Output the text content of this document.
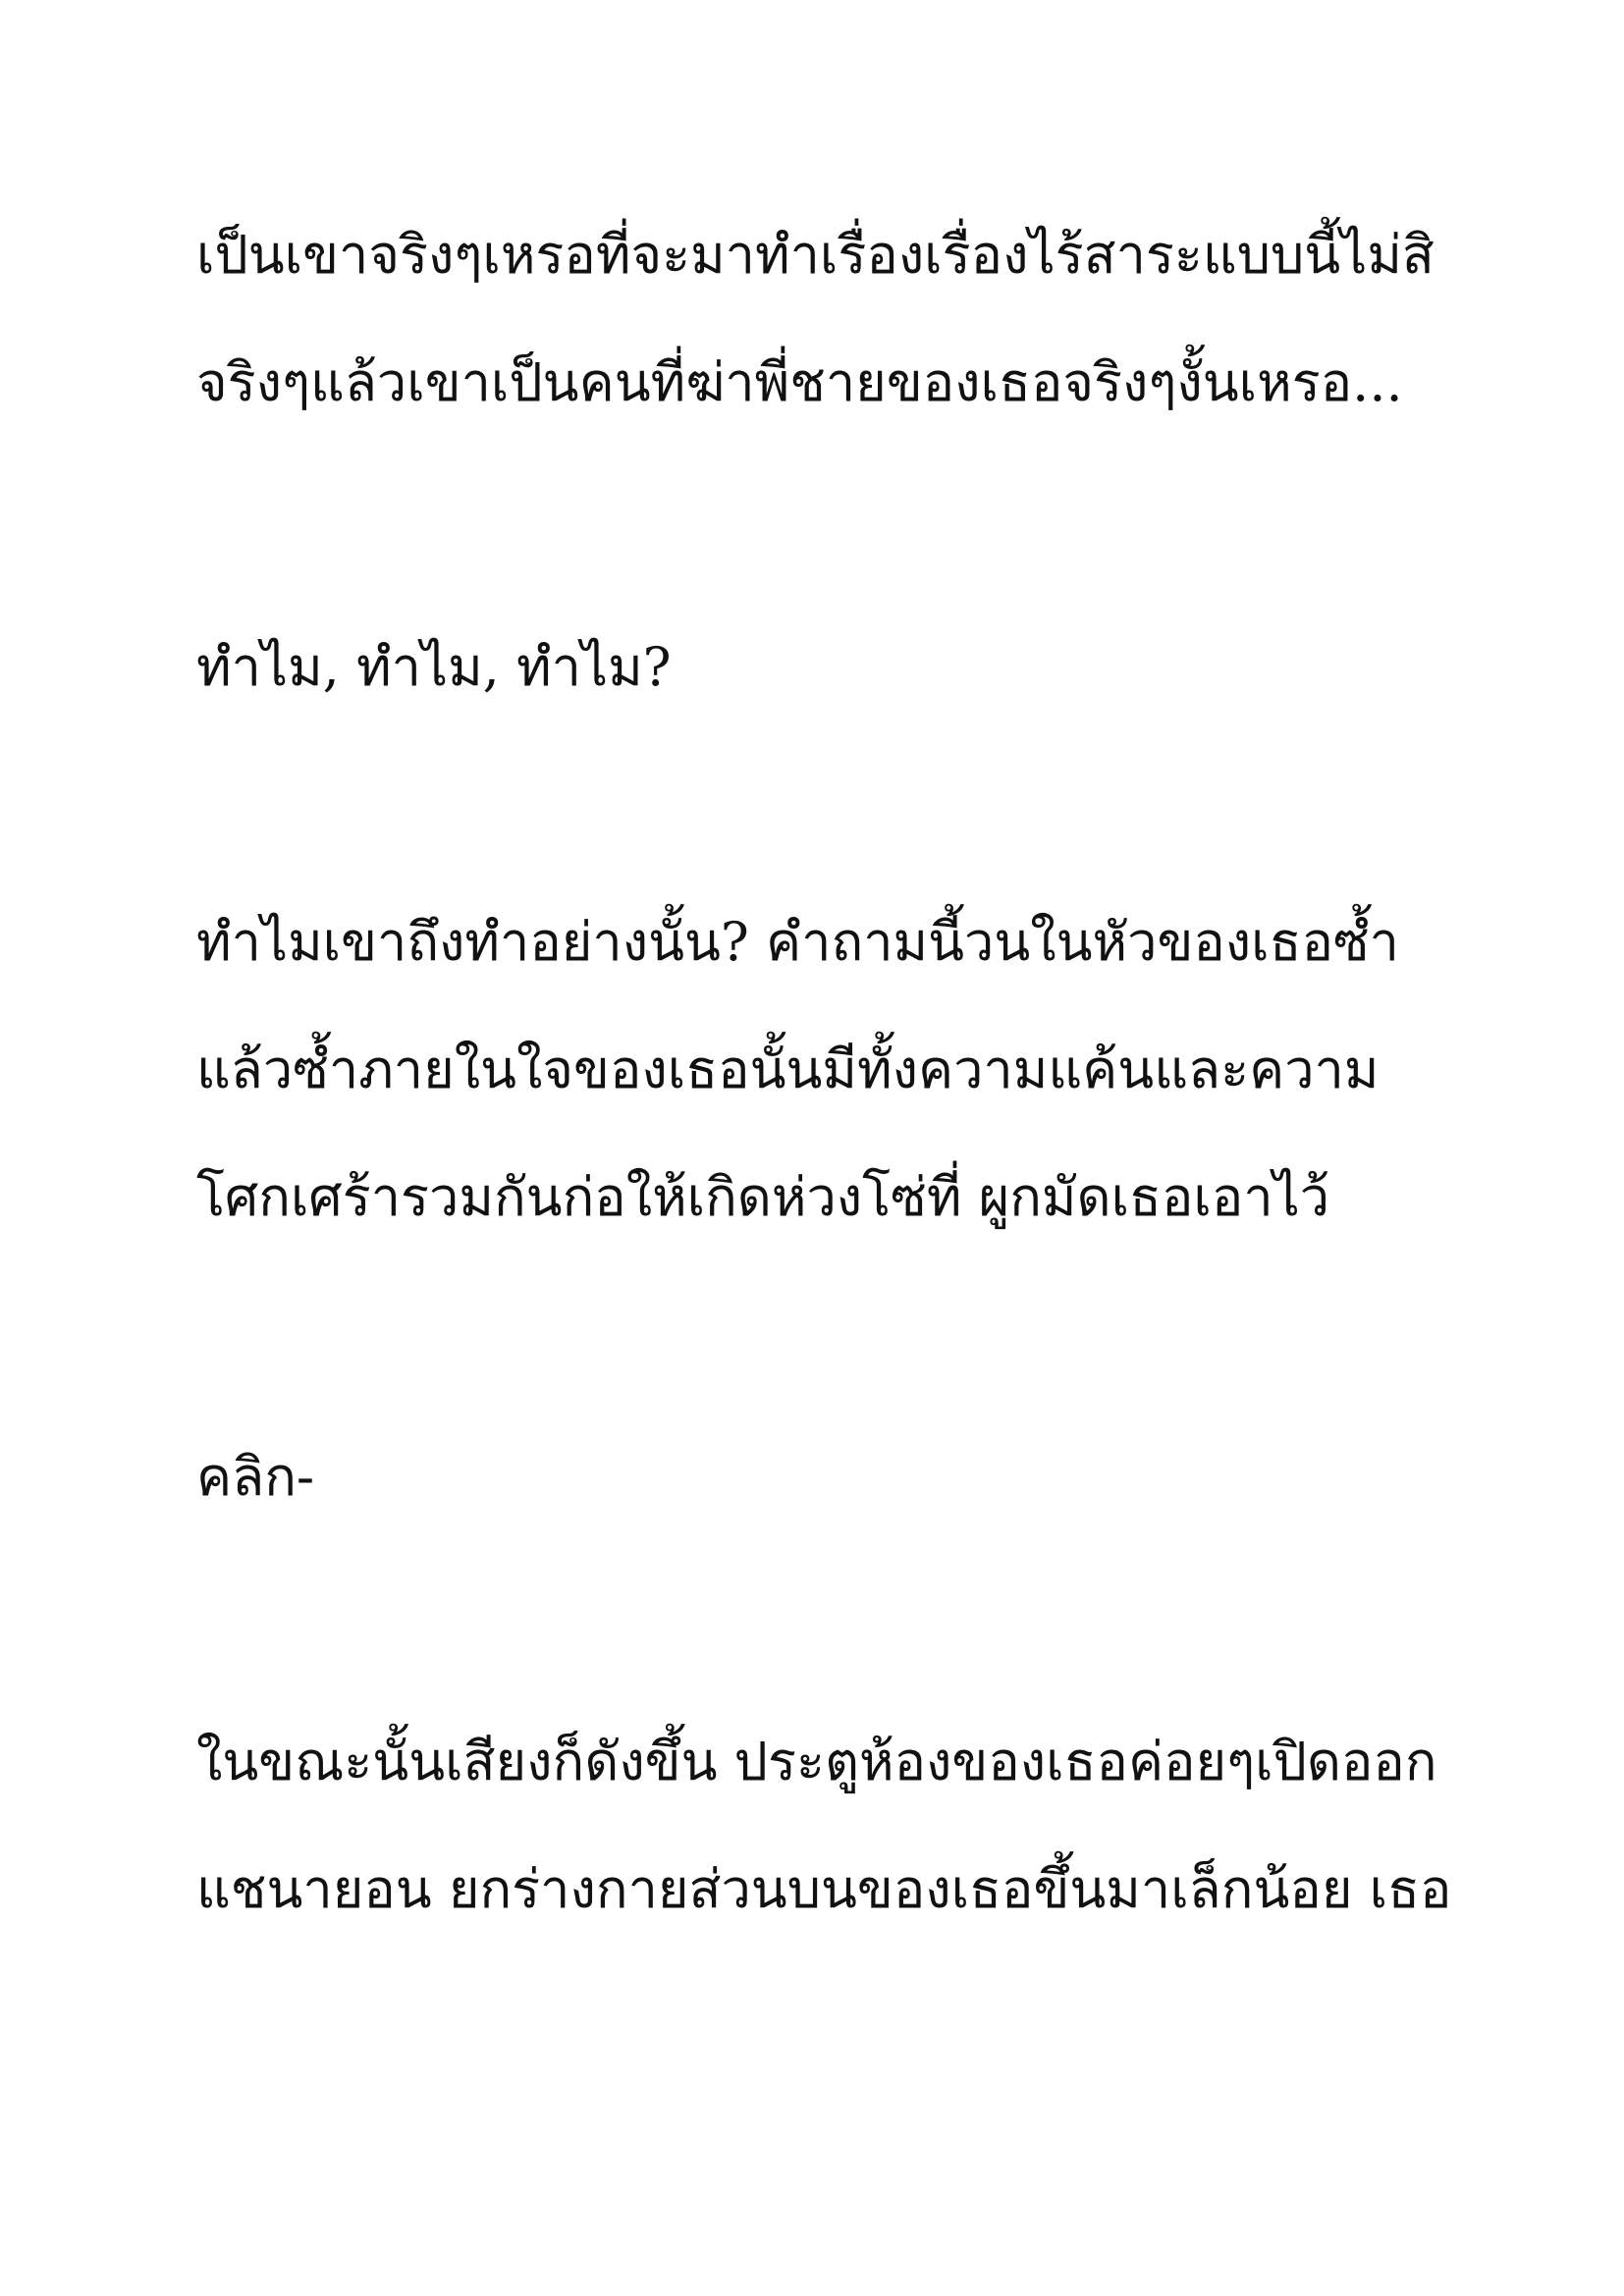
เป็นเขาจริงๆเหรอที่จะมาทำเรื่องเรื่องไร้สาระแบบนี้ไม่สิ
จริงๆแล้วเขาเป็นคนที่ฆ่าพี่ชายของเธอจริงๆงั้นเหรอ...
ทำไม, ทำไม, ทำไม?
ทำไมเขาถึงทำอย่างนั้น? คำถามนี้วนในหัวของเธอซ้ำ
แล้วซ้ำภายในใจของเธอนั้นมีทั้งความแค้นและความ
โศกเศร้ารวมกันก่อให้เกิดห่วงโซ่ที่ ผูกมัดเธอเอาไว้
คลิก-
ในขณะนั้นเสียงก็ดังขึ้น ประตูห้องของเธอค่อยๆเปิดออก
แชนายอน ยกร่างกายส่วนบนของเธอขึ้นมาเล็กน้อย เธอ
